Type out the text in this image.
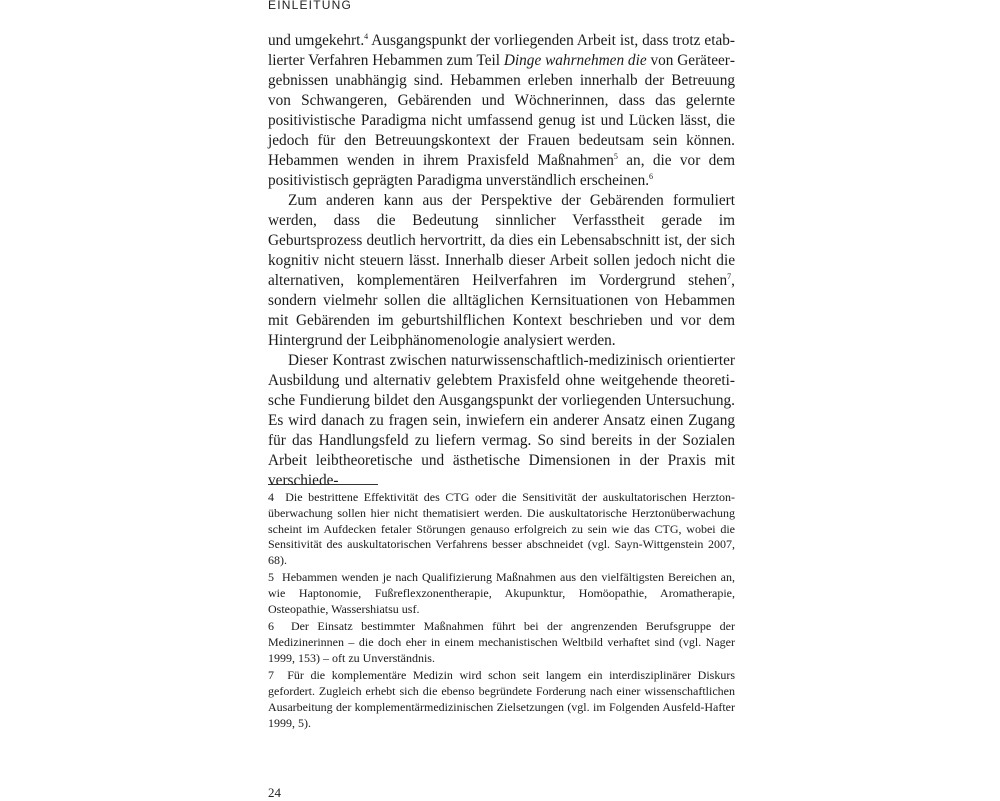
EINLEITUNG

und umgekehrt.$^4$ Ausgangspunkt der vorliegenden Arbeit ist, dass trotz etablierter Verfahren Hebammen zum Teil Dinge wahrnehmen die von Geräteergebnissen unabhängig sind. Hebammen erleben innerhalb der Betreuung von Schwangeren, Gebärenden und Wöchnerinnen, dass das gelernte positivistische Paradigma nicht umfassend genug ist und Lücken lässt, die jedoch für den Betreuungskontext der Frauen bedeutsam sein können. Hebammen wenden in ihrem Praxisfeld Maßnahmen$^5$ an, die vor dem positivistisch geprägten Paradigma unverständlich erscheinen.$^6$

Zum anderen kann aus der Perspektive der Gebärenden formuliert werden, dass die Bedeutung sinnlicher Verfasstheit gerade im Geburtsprozess deutlich hervortritt, da dies ein Lebensabschnitt ist, der sich kognitiv nicht steuern lässt. Innerhalb dieser Arbeit sollen jedoch nicht die alternativen, komplementären Heilverfahren im Vordergrund stehen$^7$, sondern vielmehr sollen die alltäglichen Kernsituationen von Hebammen mit Gebärenden im geburtshilflichen Kontext beschrieben und vor dem Hintergrund der Leibphänomenologie analysiert werden.

Dieser Kontrast zwischen naturwissenschaftlich-medizinisch orientierter Ausbildung und alternativ gelebtem Praxisfeld ohne weitgehende theoretische Fundierung bildet den Ausgangspunkt der vorliegenden Untersuchung. Es wird danach zu fragen sein, inwiefern ein anderer Ansatz einen Zugang für das Handlungsfeld zu liefern vermag. So sind bereits in der Sozialen Arbeit leibtheoretische und ästhetische Dimensionen in der Praxis mit verschiede-

4 Die bestrittene Effektivität des CTG oder die Sensitivität der auskultatorischen Herztonüberwachung sollen hier nicht thematisiert werden. Die auskultatorische Herztonüberwachung scheint im Aufdecken fetaler Störungen genauso erfolgreich zu sein wie das CTG, wobei die Sensitivität des auskultatorischen Verfahrens besser abschneidet (vgl. Sayn-Wittgenstein 2007, 68).

5 Hebammen wenden je nach Qualifizierung Maßnahmen aus den vielfältigsten Bereichen an, wie Haptonomie, Fußreflexzonentherapie, Akupunktur, Homöopathie, Aromatherapie, Osteopathie, Wassershiatsu usf.

6 Der Einsatz bestimmter Maßnahmen führt bei der angrenzenden Berufsgruppe der Medizinerinnen – die doch eher in einem mechanistischen Weltbild verhaftet sind (vgl. Nager 1999, 153) – oft zu Unverständnis.

7 Für die komplementäre Medizin wird schon seit langem ein interdisziplinärer Diskurs gefordert. Zugleich erhebt sich die ebenso begründete Forderung nach einer wissenschaftlichen Ausarbeitung der komplementärmedizinischen Zielsetzungen (vgl. im Folgenden Ausfeld-Hafter 1999, 5).

24
